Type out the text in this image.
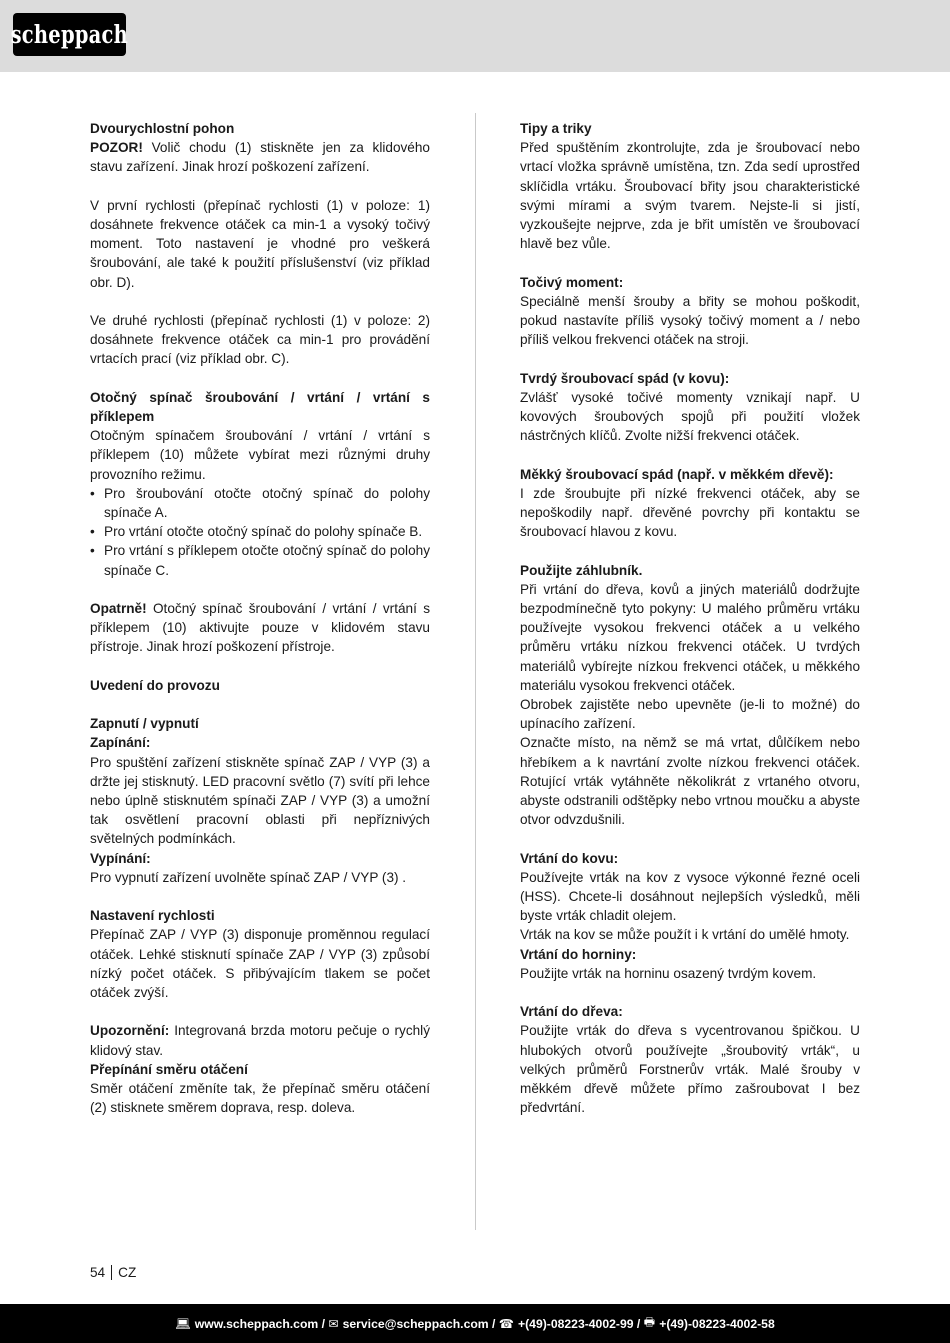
scheppach
Dvourychlostní pohon

POZOR! Volič chodu (1) stiskněte jen za klidového stavu zařízení. Jinak hrozí poškození zařízení.

V první rychlosti (přepínač rychlosti (1) v poloze: 1) dosáhnete frekvence otáček ca min-1 a vysoký točivý moment. Toto nastavení je vhodné pro veškerá šroubování, ale také k použití příslušenství (viz příklad obr. D).

Ve druhé rychlosti (přepínač rychlosti (1) v poloze: 2) dosáhnete frekvence otáček ca min-1 pro provádění vrtacích prací (viz příklad obr. C).

Otočný spínač šroubování / vrtání / vrtání s příklepem

Otočným spínačem šroubování / vrtání / vrtání s příklepem (10) můžete vybírat mezi různými druhy provozního režimu.

• Pro šroubování otočte otočný spínač do polohy spínače A.
• Pro vrtání otočte otočný spínač do polohy spínače B.
• Pro vrtání s příklepem otočte otočný spínač do polohy spínače C.

Opatrně! Otočný spínač šroubování / vrtání / vrtání s příklepem (10) aktivujte pouze v klidovém stavu přístroje. Jinak hrozí poškození přístroje.

Uvedení do provozu
Zapnutí / vypnutí
Zapínání:

Pro spuštění zařízení stiskněte spínač ZAP / VYP (3) a držte jej stisknutý. LED pracovní světlo (7) svítí při lehce nebo úplně stisknutém spínači ZAP / VYP (3) a umožní tak osvětlení pracovní oblasti při nepříznivých světelných podmínkách.

Vypínání:

Pro vypnutí zařízení uvolněte spínač ZAP / VYP (3) .

Nastavení rychlosti

Přepínač ZAP / VYP (3) disponuje proměnnou regulací otáček. Lehké stisknutí spínače ZAP / VYP (3) způsobí nízký počet otáček. S přibývajícím tlakem se počet otáček zvýší.

Upozornění: Integrovaná brzda motoru pečuje o rychlý klidový stav.

Přepínání směru otáčení

Směr otáčení změníte tak, že přepínač směru otáčení (2) stisknete směrem doprava, resp. doleva.

Tipy a triky

Před spuštěním zkontrolujte, zda je šroubovací nebo vrtací vložka správně umístěna, tzn. Zda sedí uprostřed sklíčidla vrtáku. Šroubovací břity jsou charakteristické svými mírami a svým tvarem. Nejste-li si jistí, vyzkoušejte nejprve, zda je břit umístěn ve šroubovací hlavě bez vůle.

Točivý moment:

Speciálně menší šrouby a břity se mohou poškodit, pokud nastavíte příliš vysoký točivý moment a / nebo příliš velkou frekvenci otáček na stroji.

Tvrdý šroubovací spád (v kovu):

Zvlášť vysoké točivé momenty vznikají např. U kovových šroubových spojů při použití vložek nástrčných klíčů. Zvolte nižší frekvenci otáček.

Měkký šroubovací spád (např. v měkkém dřevě):

I zde šroubujte při nízké frekvenci otáček, aby se nepoškodily např. dřevěné povrchy při kontaktu se šroubovací hlavou z kovu.

Použijte záhlubník.

Při vrtání do dřeva, kovů a jiných materiálů dodržujte bezpodmínečně tyto pokyny: U malého průměru vrtáku používejte vysokou frekvenci otáček a u velkého průměru vrtáku nízkou frekvenci otáček. U tvrdých materiálů vybírejte nízkou frekvenci otáček, u měkkého materiálu vysokou frekvenci otáček.

Obrobek zajistěte nebo upevněte (je-li to možné) do upínacího zařízení.

Označte místo, na němž se má vrtat, důlčíkem nebo hřebíkem a k navrtání zvolte nízkou frekvenci otáček. Rotující vrták vytáhněte několikrát z vrtaného otvoru, abyste odstranili odštěpky nebo vrtnou moučku a abyste otvor odvzdušnili.

Vrtání do kovu:

Používejte vrták na kov z vysoce výkonné řezné oceli (HSS). Chcete-li dosáhnout nejlepších výsledků, měli byste vrták chladit olejem.

Vrták na kov se může použít i k vrtání do umělé hmoty.

Vrtání do horniny:

Použijte vrták na horninu osazený tvrdým kovem.

Vrtání do dřeva:

Použijte vrták do dřeva s vycentrovanou špičkou. U hlubokých otvorů používejte „šroubovitý vrták“, u velkých průměrů Forstnerův vrták. Malé šrouby v měkkém dřevě můžete přímo zašroubovat I bez předvrtání.

54 CZ
💻︎ www.scheppach.com /
✉︎ service@scheppach.com /
☎︎ +(49)-08223-4002-99 /
🖶︎ +(49)-08223-4002-58
